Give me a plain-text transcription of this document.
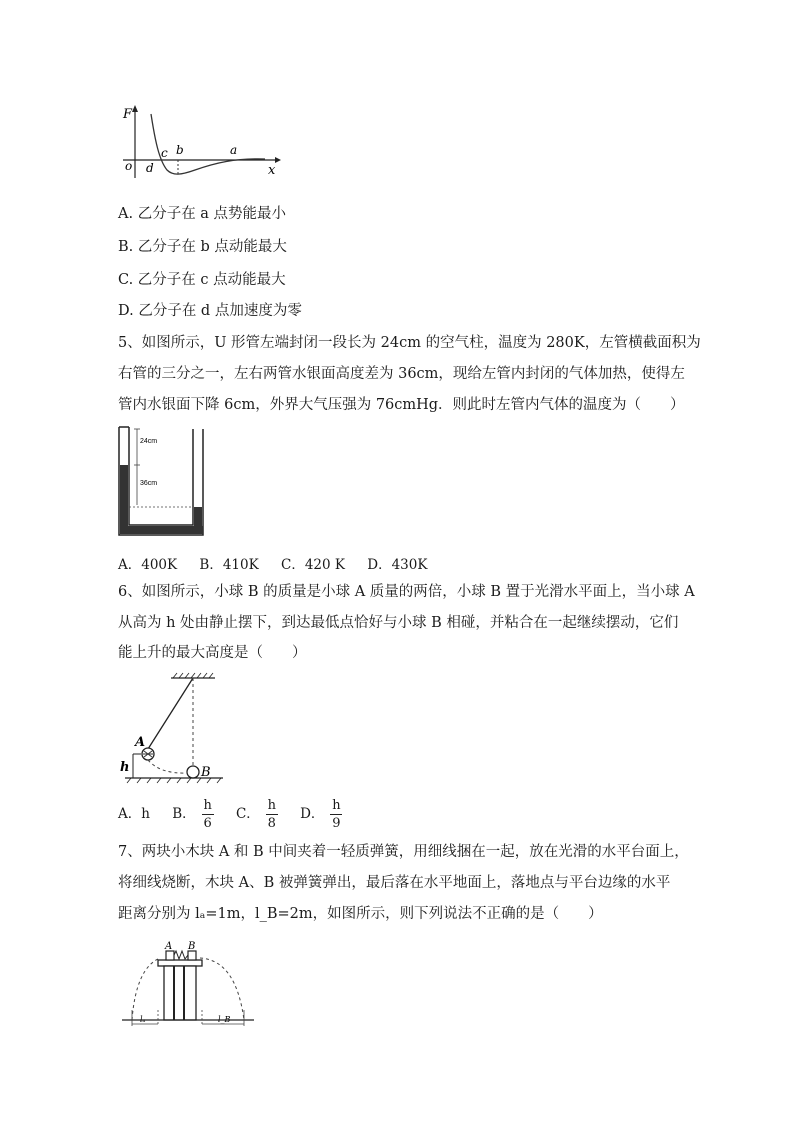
F
o	x
a
b
c
d
A. 乙分子在 a 点势能最小
B. 乙分子在 b 点动能最大
C. 乙分子在 c 点动能最大
D. 乙分子在 d 点加速度为零
5、如图所示，U 形管左端封闭一段长为 24cm 的空气柱，温度为 280K，左管横截面积为
右管的三分之一，左右两管水银面高度差为 36cm，现给左管内封闭的气体加热，使得左
管内水银面下降 6cm，外界大气压强为 76cmHg．则此时左管内气体的温度为（　　）
24cm
36cm
A．400K B．410K C．420 K D．430K
6、如图所示，小球 B 的质量是小球 A 质量的两倍，小球 B 置于光滑水平面上，当小球 A
从高为 h 处由静止摆下，到达最低点恰好与小球 B 相碰，并粘合在一起继续摆动，它们
能上升的最大高度是（　　）
A
B
h
A．h B． $\frac{h}{6}$ C． $\frac{h}{8}$ D． $\frac{h}{9}$
7、两块小木块 A 和 B 中间夹着一轻质弹簧，用细线捆在一起，放在光滑的水平台面上，
将细线烧断，木块 A、B 被弹簧弹出，最后落在水平地面上，落地点与平台边缘的水平
距离分别为 lₐ=1m，l_B=2m，如图所示，则下列说法不正确的是（　　）
A B
lₐ	l_B
